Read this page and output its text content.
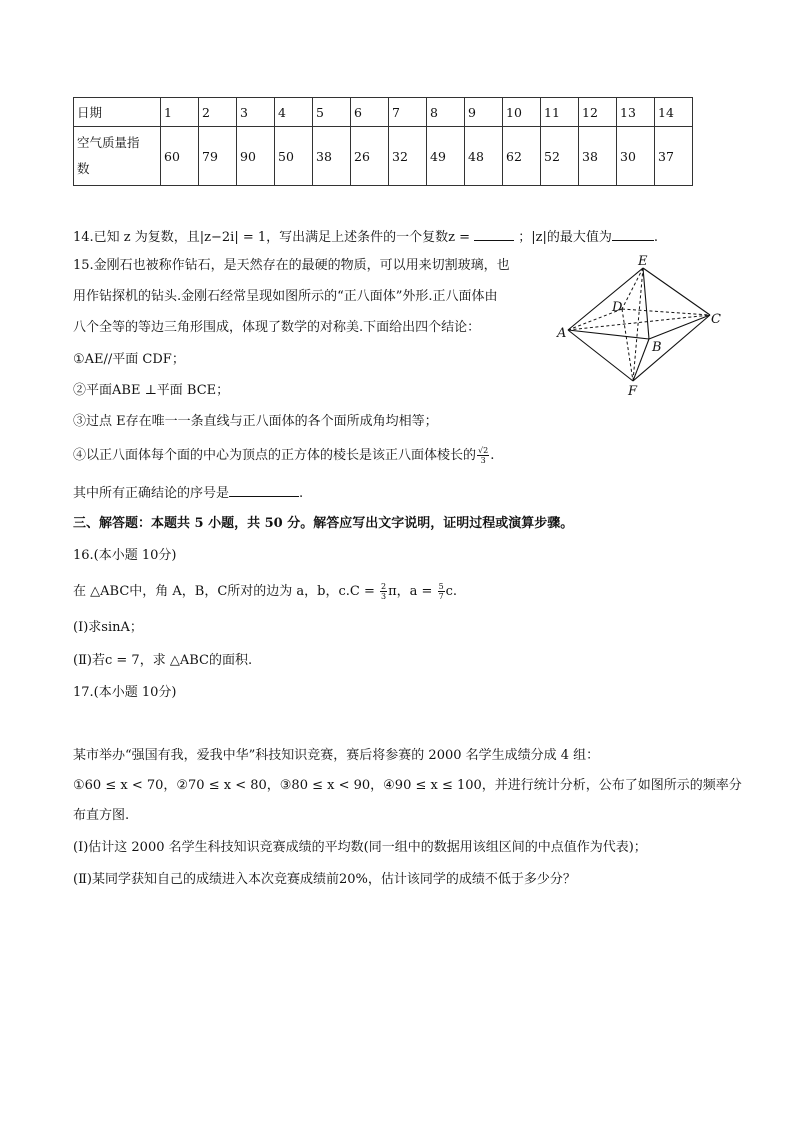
日期	1	2	3	4	5	6	7	8	9	10	11	12	13	14
空气质量指
数	60	79	90	50	38	26	32	49	48	62	52	38	30	37
14.已知 z 为复数，且|z−2i| = 1，写出满足上述条件的一个复数z =	；|z|的最大值为	.
15.金刚石也被称作钻石，是天然存在的最硬的物质，可以用来切割玻璃，也
用作钻探机的钻头.金刚石经常呈现如图所示的“正八面体”外形.正八面体由
八个全等的等边三角形围成，体现了数学的对称美.下面给出四个结论：
①AE//平面 CDF；
②平面ABE ⊥平面 BCE；
③过点 E存在唯一一条直线与正八面体的各个面所成角均相等；
④以正八面体每个面的中心为顶点的正方体的棱长是该正八面体棱长的 $\frac{√2}{3}$ .
其中所有正确结论的序号是	.
E
D
A
C
B
F
三、解答题：本题共 5 小题，共 50 分。解答应写出文字说明，证明过程或演算步骤。
16.(本小题 10分)
在 △ABC中，角 A，B，C所对的边为 a，b，$c.C = \frac{2}{3}$ π，$a = \frac{5}{7} c$.
(Ⅰ)求sinA；
(Ⅱ)若c = 7，求 △ABC的面积.
17.(本小题 10分)
某市举办“强国有我，爱我中华”科技知识竞赛，赛后将参赛的 2000 名学生成绩分成 4 组：
①60 ≤ x < 70，②70 ≤ x < 80，③80 ≤ x < 90，④90 ≤ x ≤ 100，并进行统计分析，公布了如图所示的频率分
布直方图.
(Ⅰ)估计这 2000 名学生科技知识竞赛成绩的平均数(同一组中的数据用该组区间的中点值作为代表)；
(Ⅱ)某同学获知自己的成绩进入本次竞赛成绩前20%，估计该同学的成绩不低于多少分？
